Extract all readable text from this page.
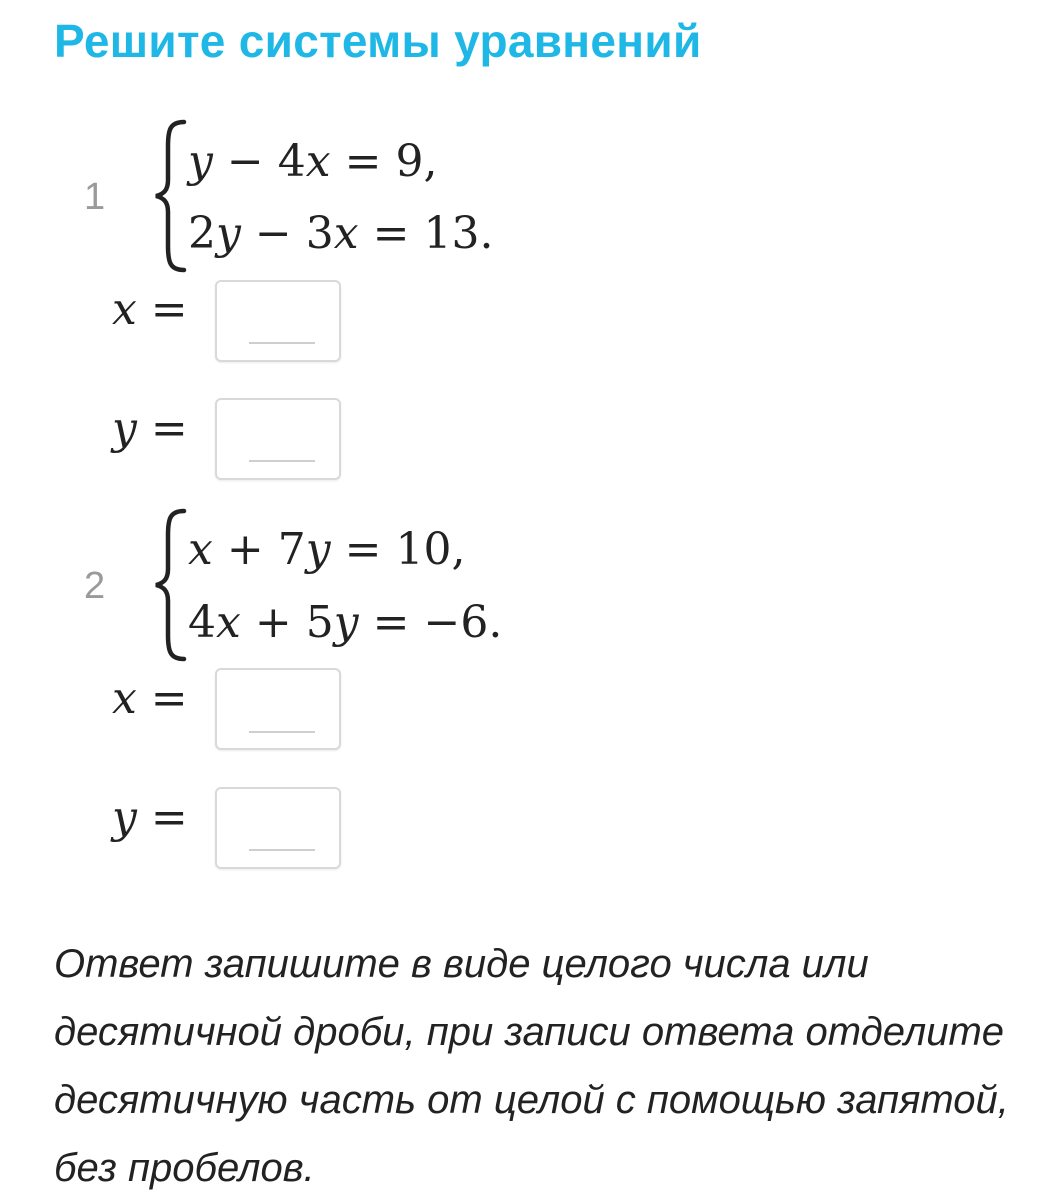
Решите системы уравнений
1
y − 4x = 9,
2y − 3x = 13.
x =
y =
2
x + 7y = 10,
4x + 5y = −6.
x =
y =

Ответ запишите в виде целого числа или десятичной дроби, при записи ответа отделите десятичную часть от целой с помощью запятой, без пробелов.
